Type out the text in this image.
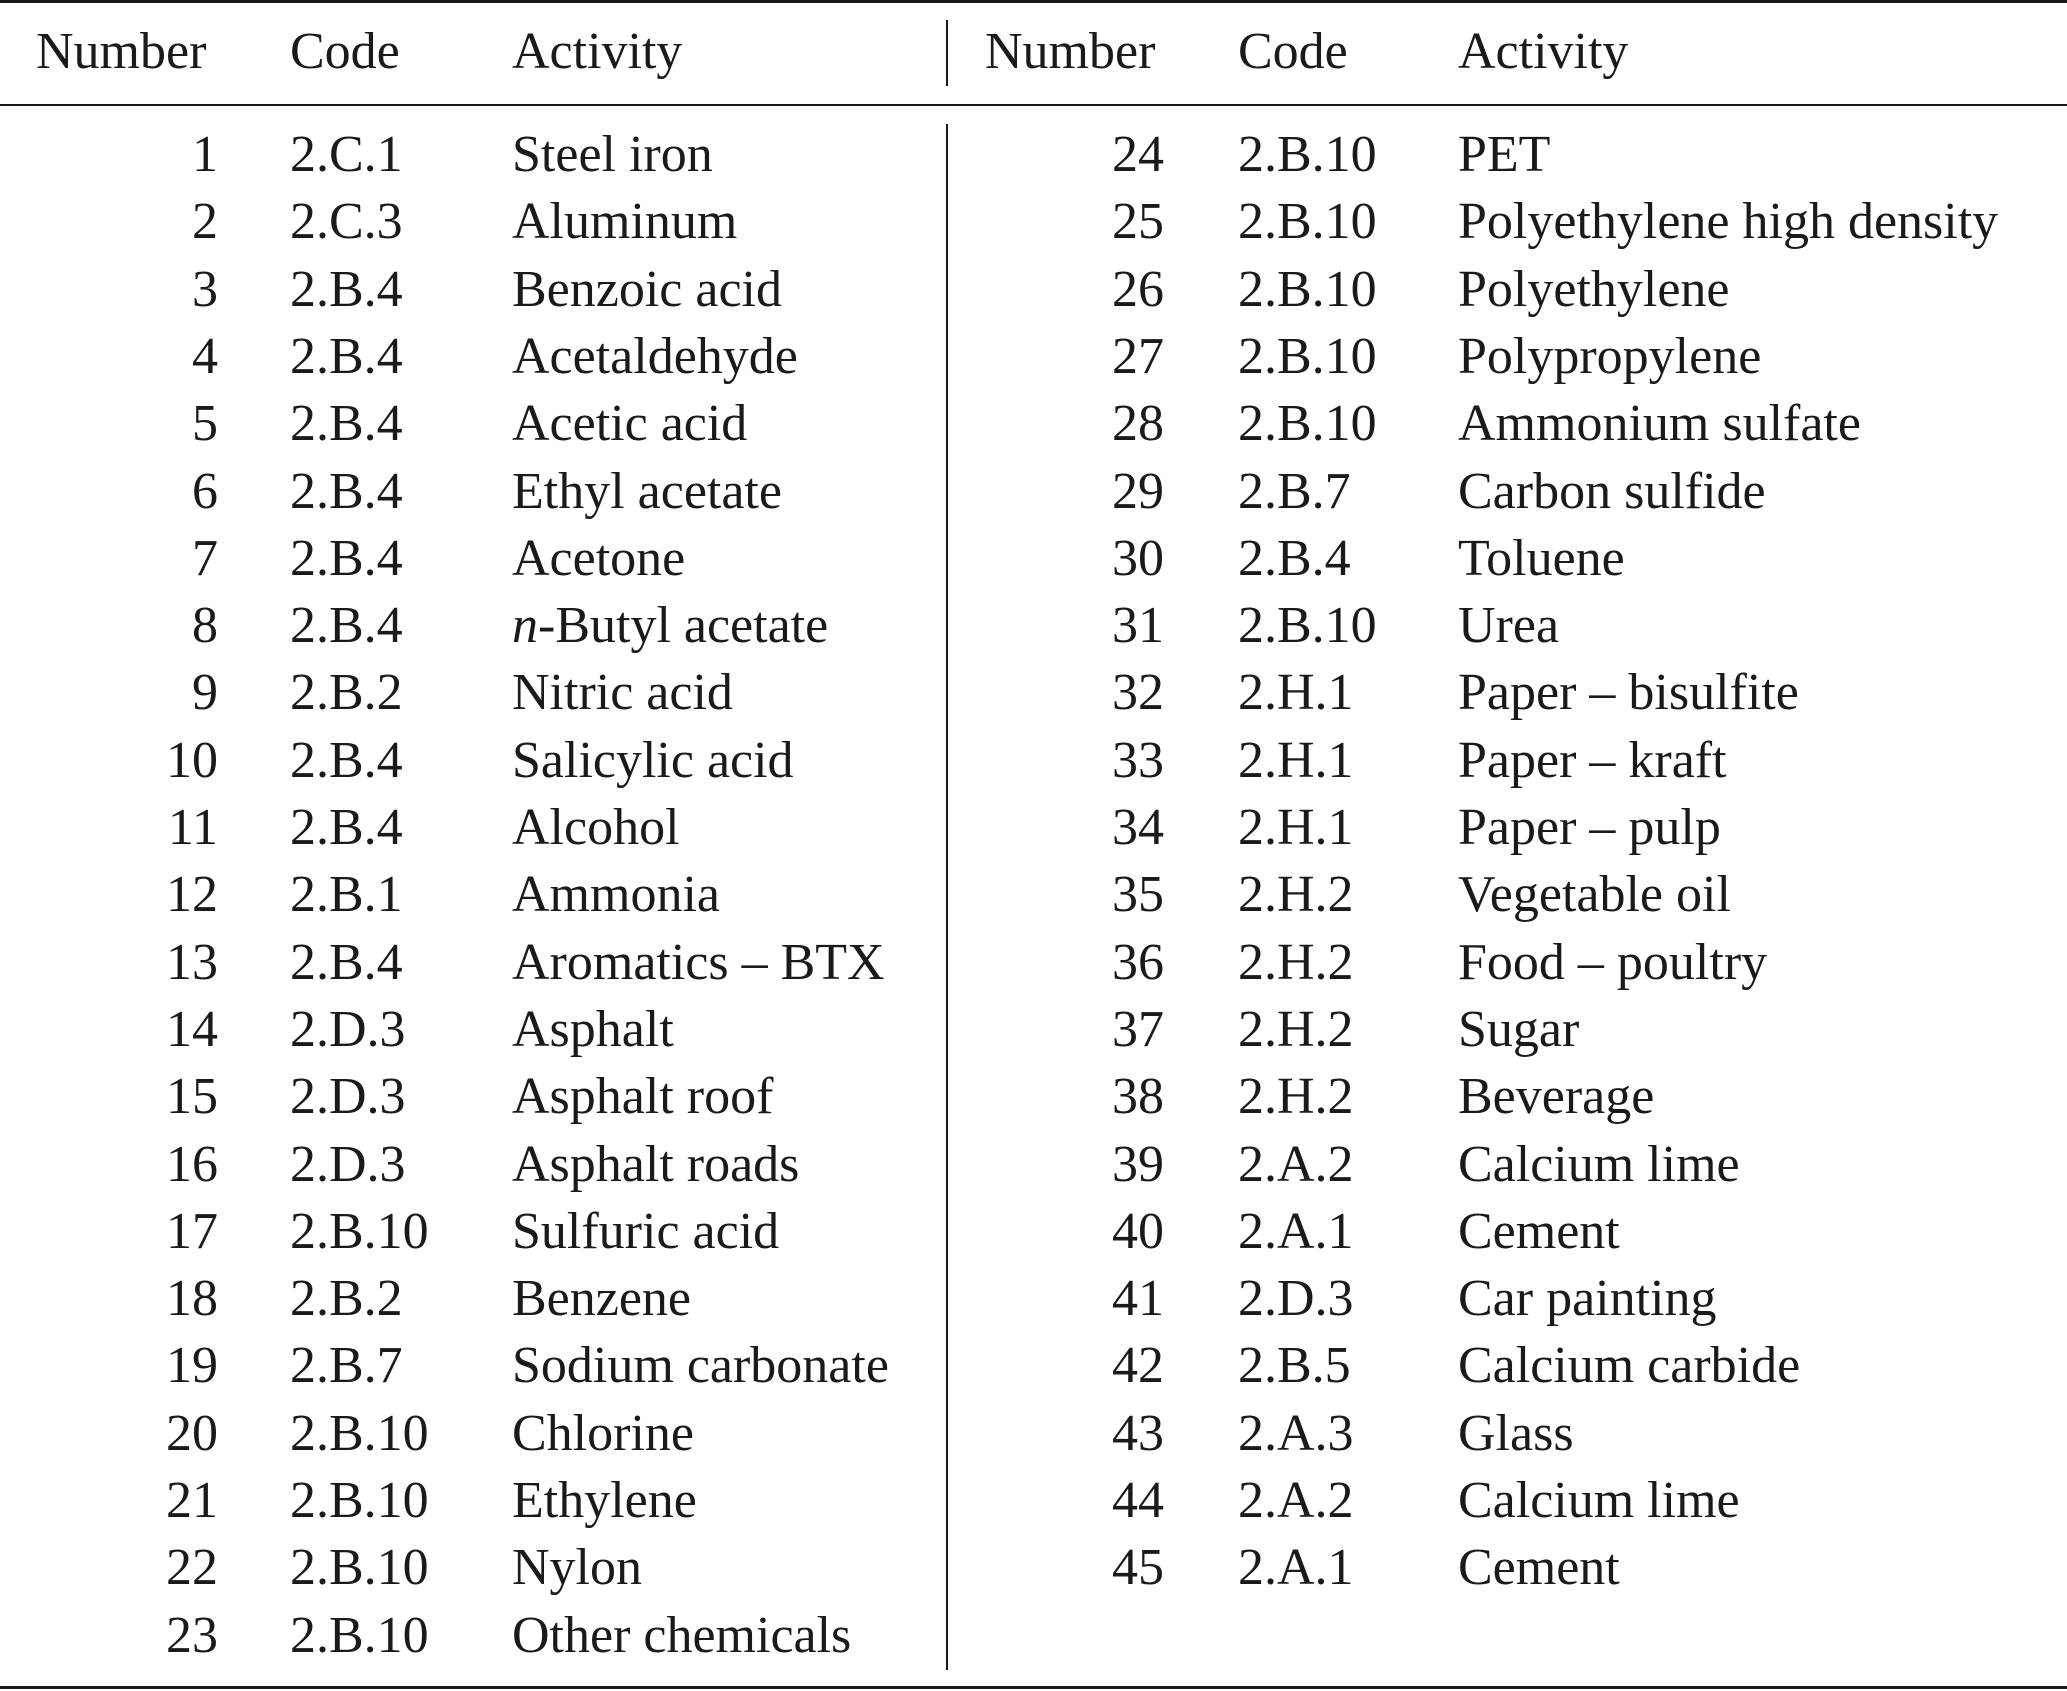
Number Code Activity	Number Code Activity
1 2.C.1 Steel iron	24 2.B.10 PET
2 2.C.3 Aluminum	25 2.B.10 Polyethylene high density
3 2.B.4 Benzoic acid	26 2.B.10 Polyethylene
4 2.B.4 Acetaldehyde	27 2.B.10 Polypropylene
5 2.B.4 Acetic acid	28 2.B.10 Ammonium sulfate
6 2.B.4 Ethyl acetate	29 2.B.7 Carbon sulfide
7 2.B.4 Acetone	30 2.B.4 Toluene
8 2.B.4 n-Butyl acetate	31 2.B.10 Urea
9 2.B.2 Nitric acid	32 2.H.1 Paper – bisulfite
10 2.B.4 Salicylic acid	33 2.H.1 Paper – kraft
11 2.B.4 Alcohol	34 2.H.1 Paper – pulp
12 2.B.1 Ammonia	35 2.H.2 Vegetable oil
13 2.B.4 Aromatics – BTX	36 2.H.2 Food – poultry
14 2.D.3 Asphalt	37 2.H.2 Sugar
15 2.D.3 Asphalt roof	38 2.H.2 Beverage
16 2.D.3 Asphalt roads	39 2.A.2 Calcium lime
17 2.B.10 Sulfuric acid	40 2.A.1 Cement
18 2.B.2 Benzene	41 2.D.3 Car painting
19 2.B.7 Sodium carbonate	42 2.B.5 Calcium carbide
20 2.B.10 Chlorine	43 2.A.3 Glass
21 2.B.10 Ethylene	44 2.A.2 Calcium lime
22 2.B.10 Nylon	45 2.A.1 Cement
23 2.B.10 Other chemicals
